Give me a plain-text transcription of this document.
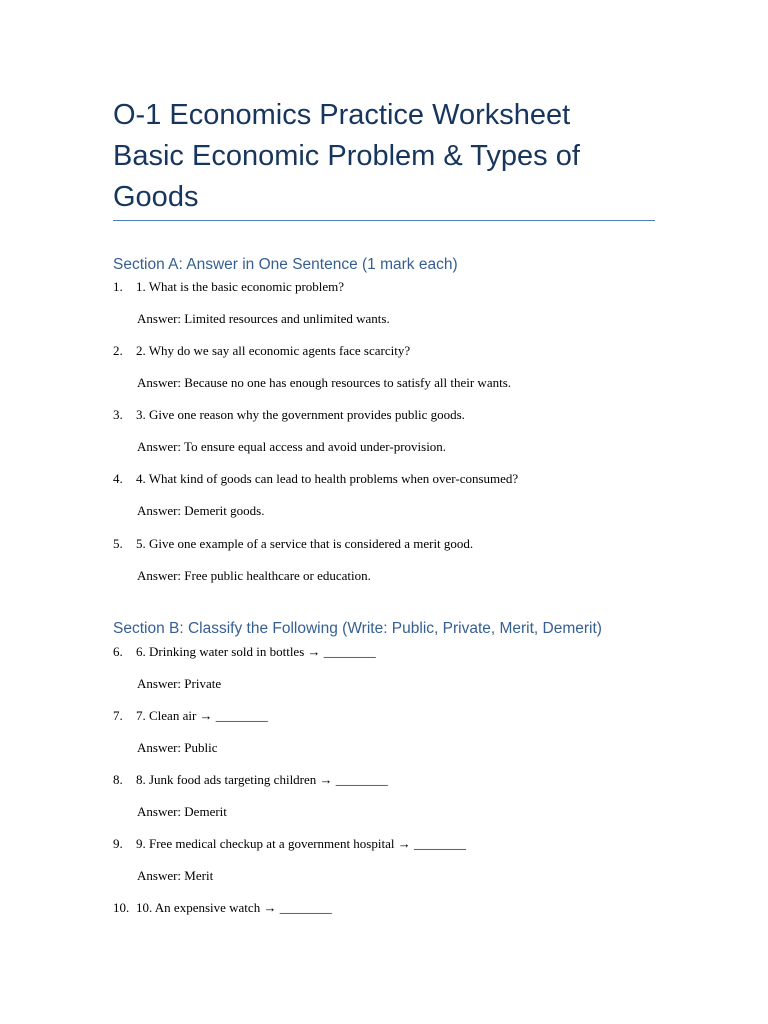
O-1 Economics Practice Worksheet
Basic Economic Problem & Types of Goods
Section A: Answer in One Sentence (1 mark each)
1. 1. What is the basic economic problem?
Answer: Limited resources and unlimited wants.
2. 2. Why do we say all economic agents face scarcity?
Answer: Because no one has enough resources to satisfy all their wants.
3. 3. Give one reason why the government provides public goods.
Answer: To ensure equal access and avoid under-provision.
4. 4. What kind of goods can lead to health problems when over-consumed?
Answer: Demerit goods.
5. 5. Give one example of a service that is considered a merit good.
Answer: Free public healthcare or education.
Section B: Classify the Following (Write: Public, Private, Merit, Demerit)
6. 6. Drinking water sold in bottles → ________
Answer: Private
7. 7. Clean air → ________
Answer: Public
8. 8. Junk food ads targeting children → ________
Answer: Demerit
9. 9. Free medical checkup at a government hospital → ________
Answer: Merit
10. 10. An expensive watch → ________
